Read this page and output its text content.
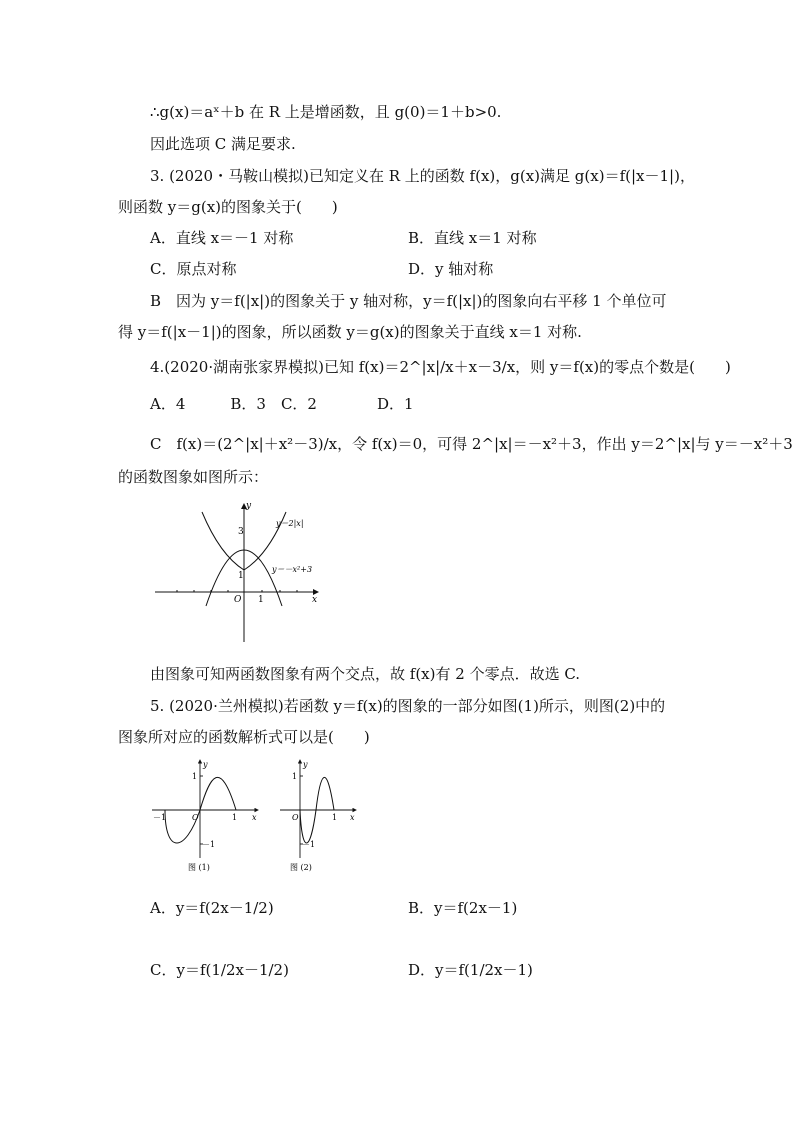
∴g(x)＝aˣ＋b 在 R 上是增函数，且 g(0)＝1＋b>0.
因此选项 C 满足要求.
3. (2020・马鞍山模拟)已知定义在 R 上的函数 f(x)，g(x)满足 g(x)＝f(|x－1|)，
则函数 y＝g(x)的图象关于(　　)
A．直线 x＝－1 对称	B．直线 x＝1 对称
C．原点对称	D．y 轴对称
B　因为 y＝f(|x|)的图象关于 y 轴对称，y＝f(|x|)的图象向右平移 1 个单位可
得 y＝f(|x－1|)的图象，所以函数 y＝g(x)的图象关于直线 x＝1 对称.
4.(2020·湖南张家界模拟)已知 f(x)＝2^|x|/x＋x－3/x，则 y＝f(x)的零点个数是(　　)
A．4　　　B．3　C．2　　　　D．1
C　f(x)＝(2^|x|＋x²－3)/x，令 f(x)＝0，可得 2^|x|＝－x²＋3，作出 y＝2^|x|与 y＝－x²＋3
的函数图象如图所示：
y
x
O
3
1
1
y＝2|x|
y＝－x²+3
由图象可知两函数图象有两个交点，故 f(x)有 2 个零点．故选 C.
5. (2020·兰州模拟)若函数 y＝f(x)的图象的一部分如图(1)所示，则图(2)中的
图象所对应的函数解析式可以是(　　)
y
x
O
－1	1
1
－1
图 (1)
y
x
O	1
1
－1
图 (2)
A．y＝f(2x－1/2)	B．y＝f(2x－1)
C．y＝f(1/2x－1/2)	D．y＝f(1/2x－1)
